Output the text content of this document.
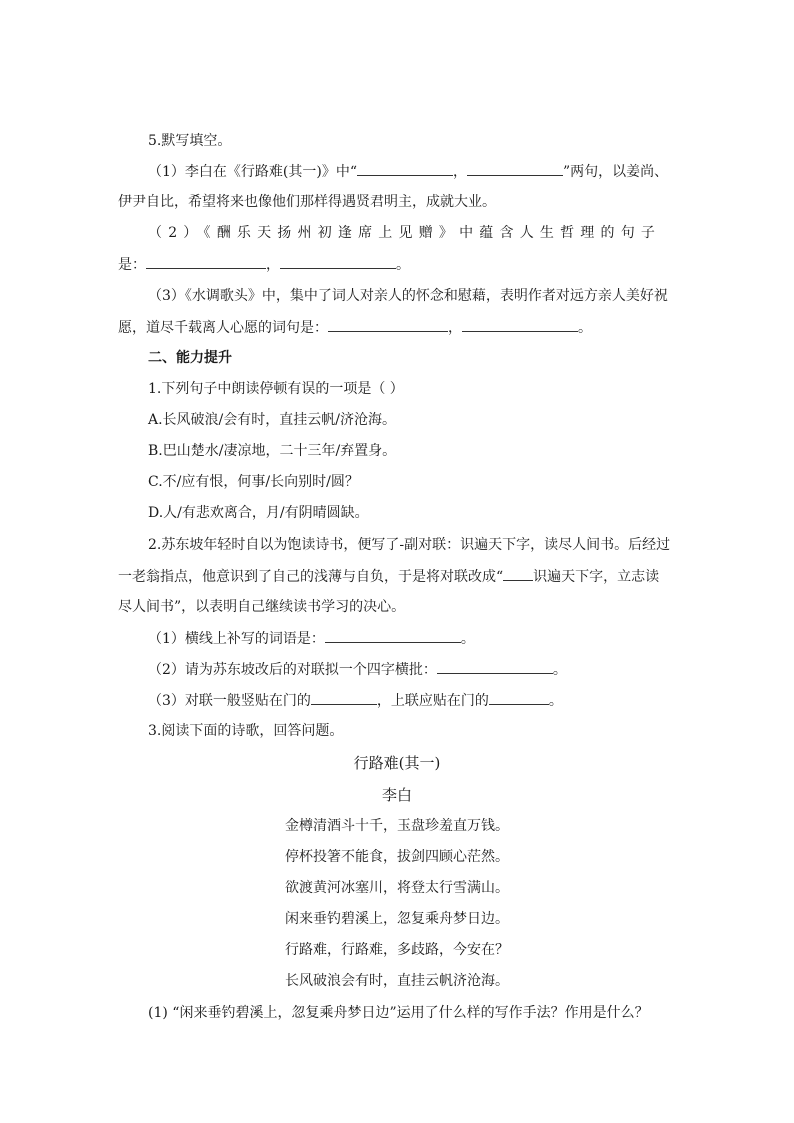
5.默写填空。
（1）李白在《行路难(其一)》中“	，	”两句，以姜尚、
伊尹自比，希望将来也像他们那样得遇贤君明主，成就大业。
（2）《酬乐天扬州初逢席上见赠》中蕴含人生哲理的句子
是：	，	。
（3）《水调歌头》中，集中了词人对亲人的怀念和慰藉，表明作者对远方亲人美好祝
愿，道尽千载离人心愿的词句是：	，	。
二、能力提升
1.下列句子中朗读停顿有误的一项是（ ）
A.长风破浪/会有时，直挂云帆/济沧海。
B.巴山楚水/凄凉地，二十三年/弃置身。
C.不/应有恨，何事/长向别时/圆？
D.人/有悲欢离合，月/有阴晴圆缺。
2.苏东坡年轻时自以为饱读诗书，便写了-副对联：识遍天下字，读尽人间书。后经过
一老翁指点，他意识到了自己的浅薄与自负，于是将对联改成“ 识遍天下字，立志读
尽人间书”，以表明自己继续读书学习的决心。
（1）横线上补写的词语是：	。
（2）请为苏东坡改后的对联拟一个四字横批：	。
（3）对联一般竖贴在门的	，上联应贴在门的	。
3.阅读下面的诗歌，回答问题。
行路难(其一)
李白
金樽清酒斗十千，玉盘珍羞直万钱。
停杯投箸不能食，拔剑四顾心茫然。
欲渡黄河冰塞川，将登太行雪满山。
闲来垂钓碧溪上，忽复乘舟梦日边。
行路难，行路难，多歧路，今安在？
长风破浪会有时，直挂云帆济沧海。
(1) “闲来垂钓碧溪上，忽复乘舟梦日边”运用了什么样的写作手法？作用是什么？
